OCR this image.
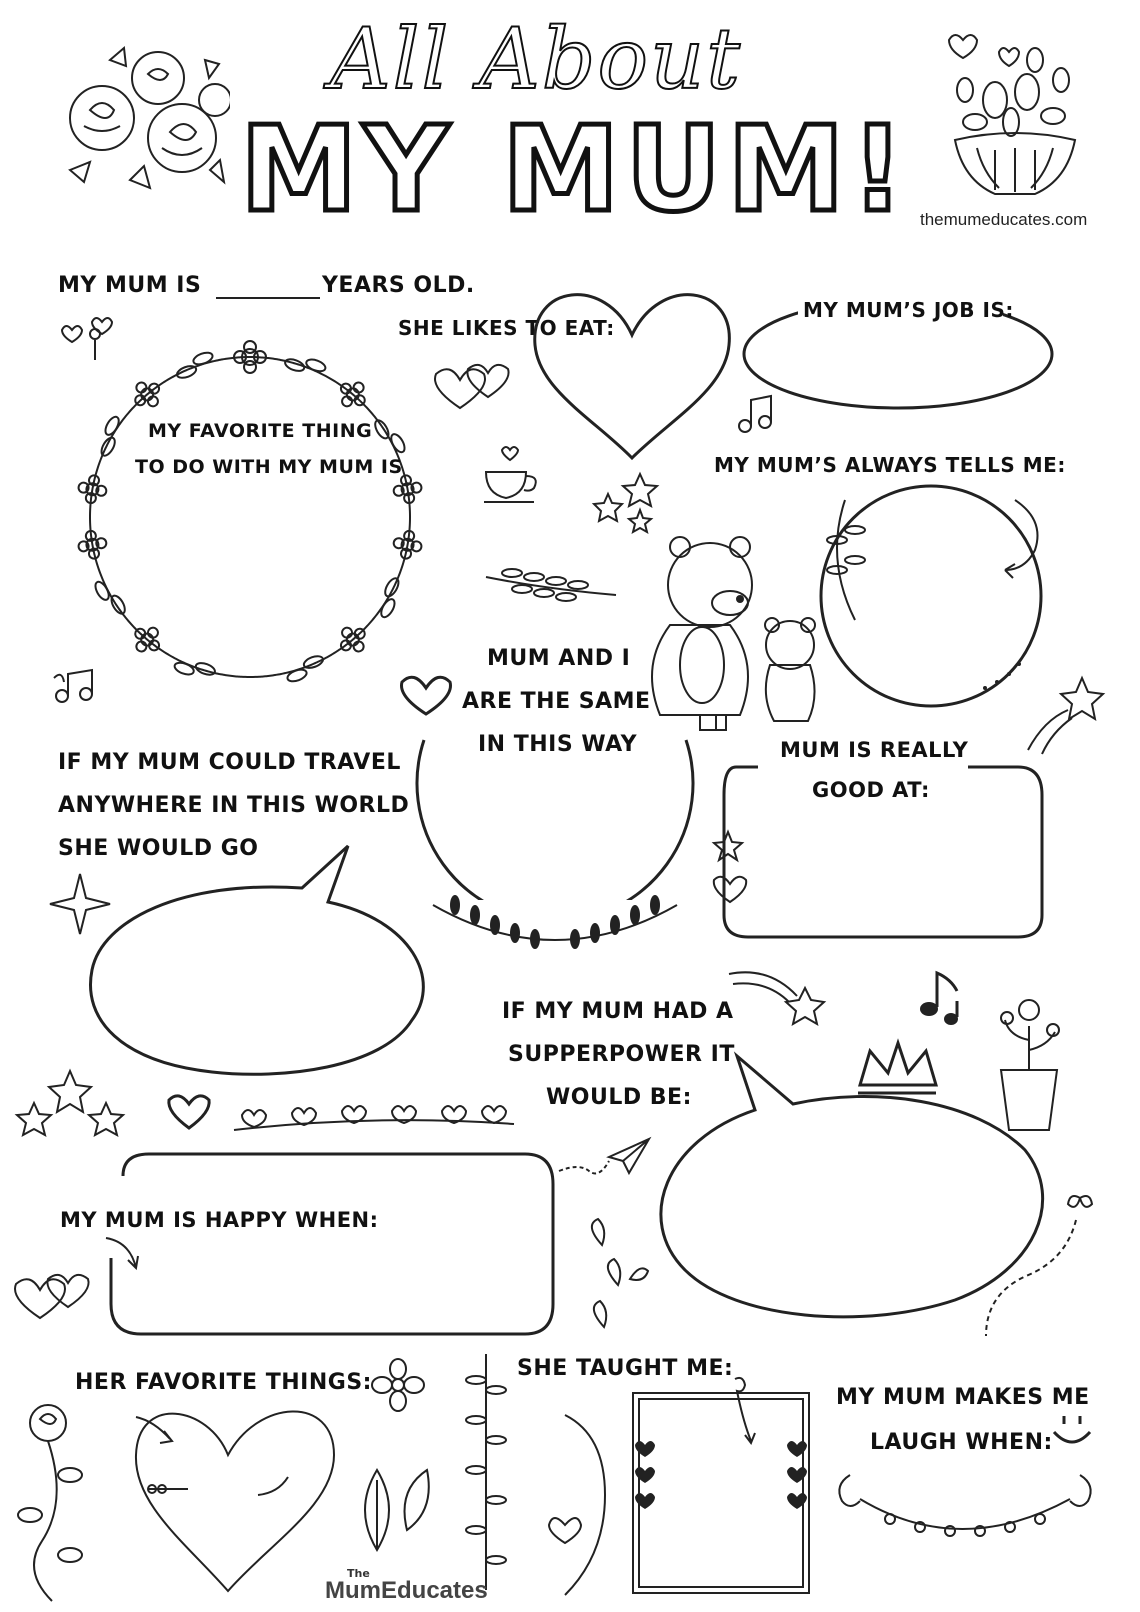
All About
MY MUM! themumeducates.com
MY MUM IS	YEARS OLD.
SHE LIKES TO EAT:
MY MUM’S JOB IS:
MY FAVORITE THING
TO DO WITH MY MUM IS	MY MUM’S ALWAYS TELLS ME:
MUM AND I
ARE THE SAME
IN THIS WAY
IF MY MUM COULD TRAVEL
ANYWHERE IN THIS WORLD
SHE WOULD GO
MUM IS REALLY
GOOD AT:
IF MY MUM HAD A
SUPPERPOWER IT
WOULD BE:
MY MUM IS HAPPY WHEN:
HER FAVORITE THINGS:
SHE TAUGHT ME:
MY MUM MAKES ME
LAUGH WHEN:
The
MumEducates
